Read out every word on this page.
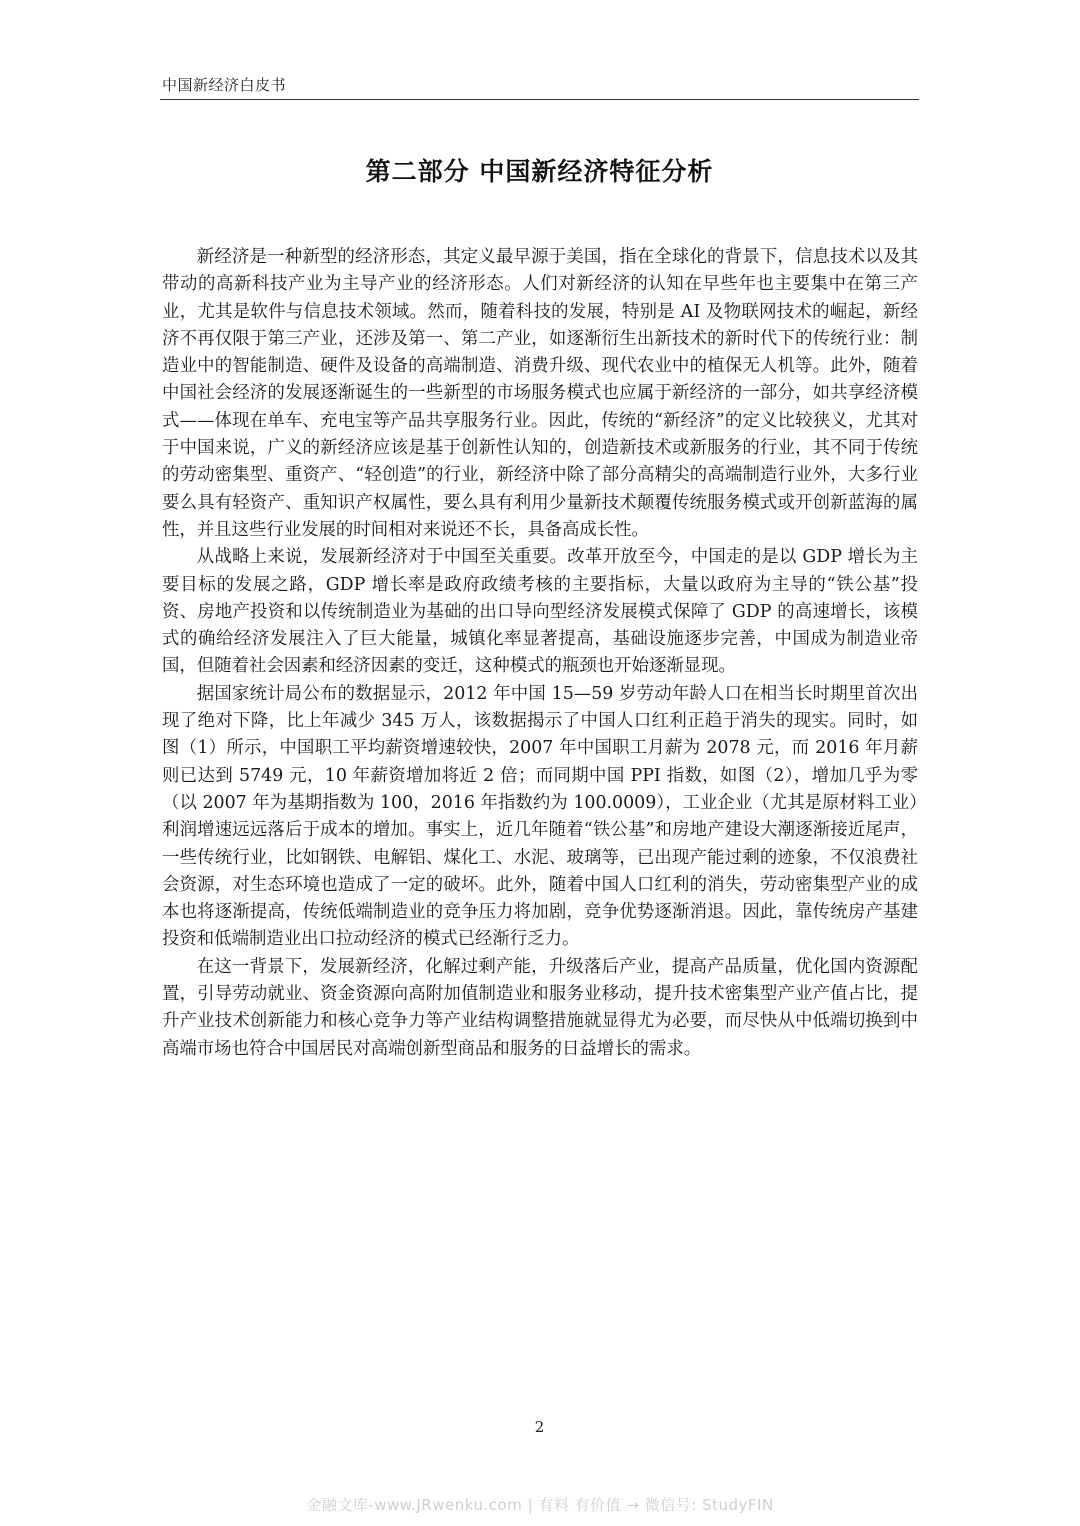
中国新经济白皮书
第二部分 中国新经济特征分析

新经济是一种新型的经济形态，其定义最早源于美国，指在全球化的背景下，信息技术以及其带动的高新科技产业为主导产业的经济形态。人们对新经济的认知在早些年也主要集中在第三产业，尤其是软件与信息技术领域。然而，随着科技的发展，特别是 AI 及物联网技术的崛起，新经济不再仅限于第三产业，还涉及第一、第二产业，如逐渐衍生出新技术的新时代下的传统行业：制造业中的智能制造、硬件及设备的高端制造、消费升级、现代农业中的植保无人机等。此外，随着中国社会经济的发展逐渐诞生的一些新型的市场服务模式也应属于新经济的一部分，如共享经济模式——体现在单车、充电宝等产品共享服务行业。因此，传统的“新经济”的定义比较狭义，尤其对于中国来说，广义的新经济应该是基于创新性认知的，创造新技术或新服务的行业，其不同于传统的劳动密集型、重资产、“轻创造”的行业，新经济中除了部分高精尖的高端制造行业外，大多行业要么具有轻资产、重知识产权属性，要么具有利用少量新技术颠覆传统服务模式或开创新蓝海的属性，并且这些行业发展的时间相对来说还不长，具备高成长性。

从战略上来说，发展新经济对于中国至关重要。改革开放至今，中国走的是以 GDP 增长为主要目标的发展之路，GDP 增长率是政府政绩考核的主要指标，大量以政府为主导的“铁公基”投资、房地产投资和以传统制造业为基础的出口导向型经济发展模式保障了 GDP 的高速增长，该模式的确给经济发展注入了巨大能量，城镇化率显著提高，基础设施逐步完善，中国成为制造业帝国，但随着社会因素和经济因素的变迁，这种模式的瓶颈也开始逐渐显现。

据国家统计局公布的数据显示，2012 年中国 15—59 岁劳动年龄人口在相当长时期里首次出现了绝对下降，比上年减少 345 万人，该数据揭示了中国人口红利正趋于消失的现实。同时，如图（1）所示，中国职工平均薪资增速较快，2007 年中国职工月薪为 2078 元，而 2016 年月薪则已达到 5749 元，10 年薪资增加将近 2 倍；而同期中国 PPI 指数，如图（2），增加几乎为零（以 2007 年为基期指数为 100，2016 年指数约为 100.0009），工业企业（尤其是原材料工业）利润增速远远落后于成本的增加。事实上，近几年随着“铁公基”和房地产建设大潮逐渐接近尾声，一些传统行业，比如钢铁、电解铝、煤化工、水泥、玻璃等，已出现产能过剩的迹象，不仅浪费社会资源，对生态环境也造成了一定的破坏。此外，随着中国人口红利的消失，劳动密集型产业的成本也将逐渐提高，传统低端制造业的竞争压力将加剧，竞争优势逐渐消退。因此，靠传统房产基建投资和低端制造业出口拉动经济的模式已经渐行乏力。

在这一背景下，发展新经济，化解过剩产能，升级落后产业，提高产品质量，优化国内资源配置，引导劳动就业、资金资源向高附加值制造业和服务业移动，提升技术密集型产业产值占比，提升产业技术创新能力和核心竞争力等产业结构调整措施就显得尤为必要，而尽快从中低端切换到中高端市场也符合中国居民对高端创新型商品和服务的日益增长的需求。

2
金融文库-www.JRwenku.com | 有料 有价值 → 微信号: StudyFIN
